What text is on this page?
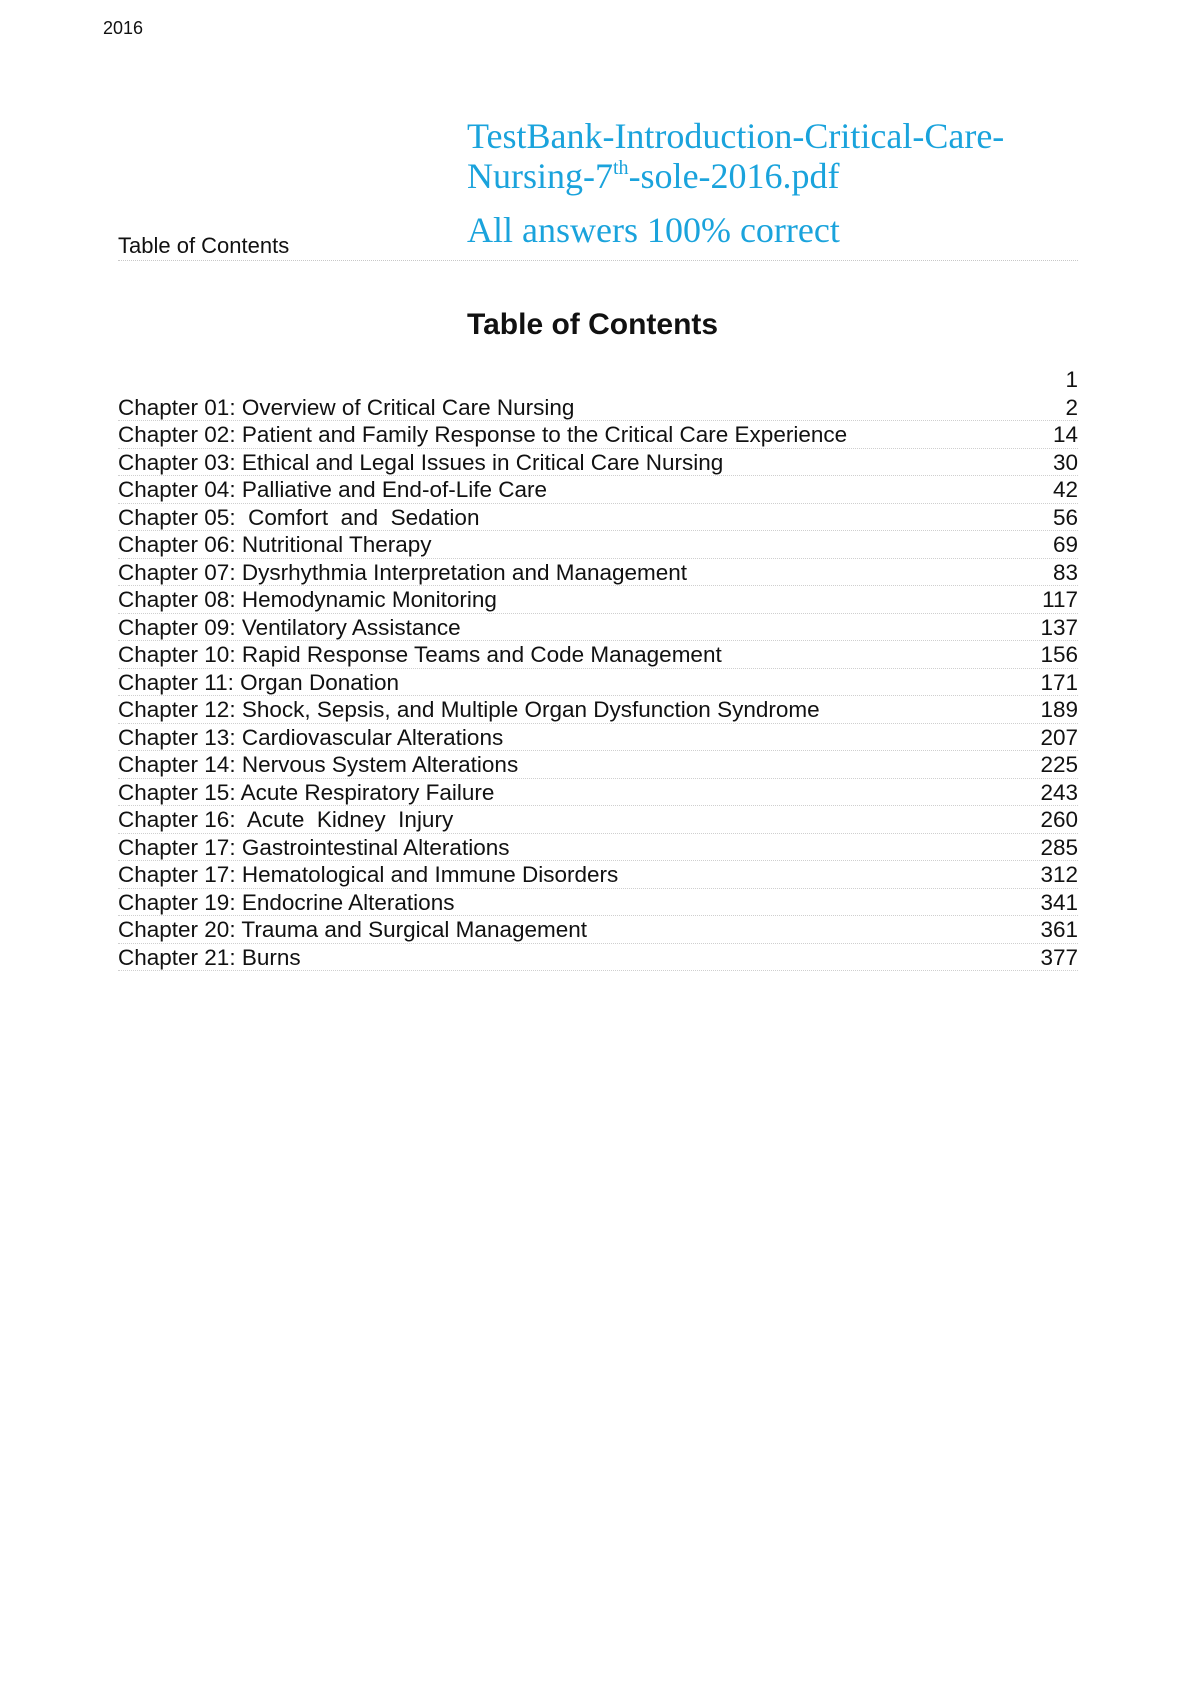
2016
TestBank-Introduction-Critical-Care-
Nursing-7th-sole-2016.pdf
All answers 100% correct
Table of Contents
Table of Contents
1
Chapter 01: Overview of Critical Care Nursing	2
Chapter 02: Patient and Family Response to the Critical Care Experience	14
Chapter 03: Ethical and Legal Issues in Critical Care Nursing	30
Chapter 04: Palliative and End-of-Life Care	42
Chapter 05:  Comfort  and  Sedation	56
Chapter 06: Nutritional Therapy	69
Chapter 07: Dysrhythmia Interpretation and Management	83
Chapter 08: Hemodynamic Monitoring	117
Chapter 09: Ventilatory Assistance	137
Chapter 10: Rapid Response Teams and Code Management	156
Chapter 11: Organ Donation	171
Chapter 12: Shock, Sepsis, and Multiple Organ Dysfunction Syndrome	189
Chapter 13: Cardiovascular Alterations	207
Chapter 14: Nervous System Alterations	225
Chapter 15: Acute Respiratory Failure	243
Chapter 16:  Acute  Kidney  Injury	260
Chapter 17: Gastrointestinal Alterations	285
Chapter 17: Hematological and Immune Disorders	312
Chapter 19: Endocrine Alterations	341
Chapter 20: Trauma and Surgical Management	361
Chapter 21: Burns	377
